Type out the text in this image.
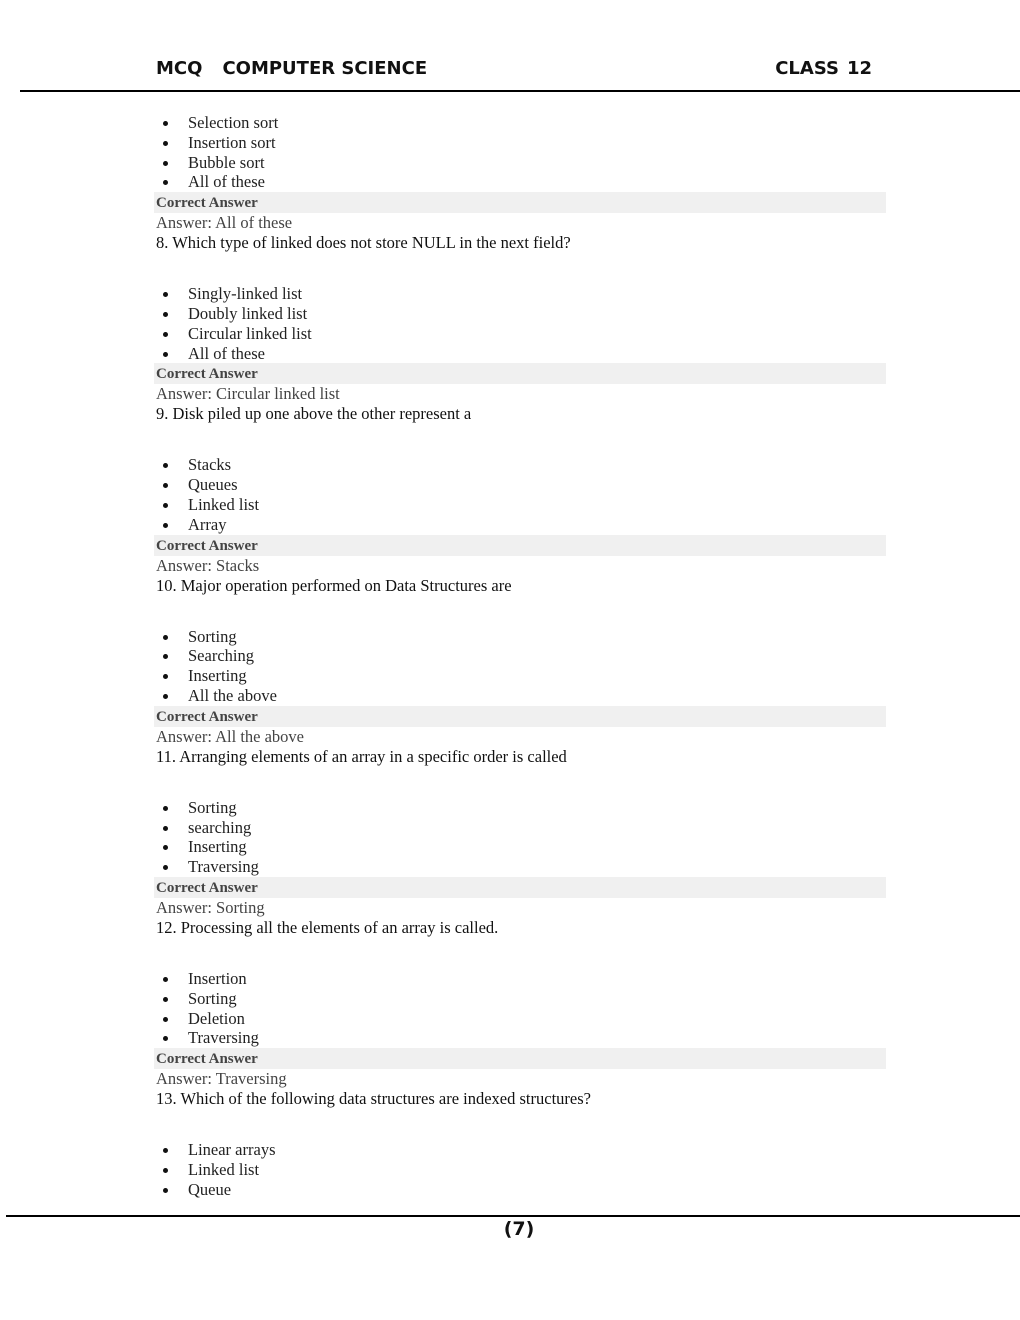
MCQ COMPUTER SCIENCE	CLASS 12
Selection sort
Insertion sort
Bubble sort
All of these
Correct Answer
Answer: All of these
8. Which type of linked does not store NULL in the next field?
Singly-linked list
Doubly linked list
Circular linked list
All of these
Correct Answer
Answer: Circular linked list
9. Disk piled up one above the other represent a
Stacks
Queues
Linked list
Array
Correct Answer
Answer: Stacks
10. Major operation performed on Data Structures are
Sorting
Searching
Inserting
All the above
Correct Answer
Answer: All the above
11. Arranging elements of an array in a specific order is called
Sorting
searching
Inserting
Traversing
Correct Answer
Answer: Sorting
12. Processing all the elements of an array is called.
Insertion
Sorting
Deletion
Traversing
Correct Answer
Answer: Traversing
13. Which of the following data structures are indexed structures?
Linear arrays
Linked list
Queue
(7)
